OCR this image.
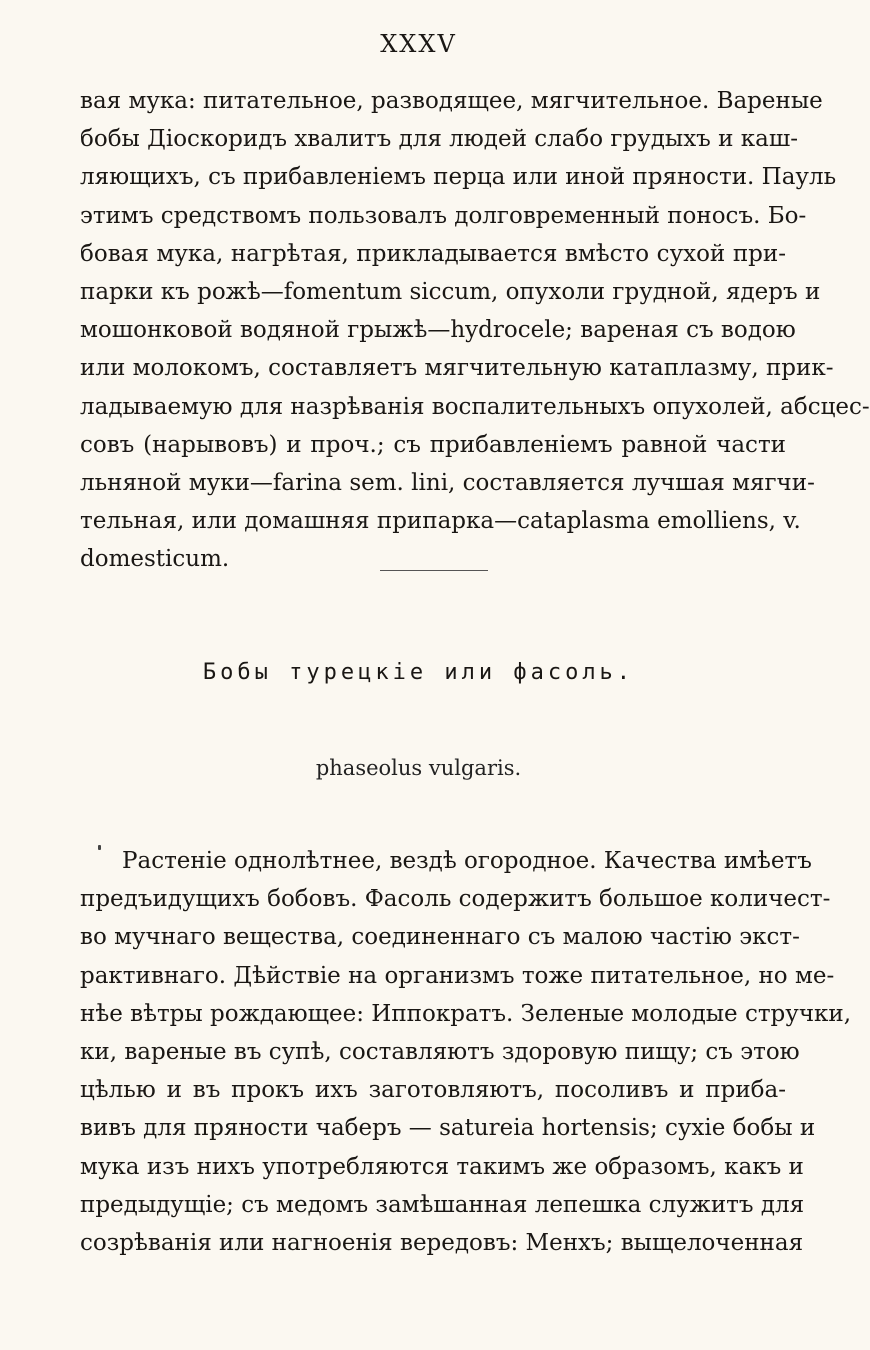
XXXV
вая мука: питательное, разводящее, мягчительное. Вареные
бобы Діоскоридъ хвалитъ для людей слабо грудыхъ и каш-
ляющихъ, съ прибавленіемъ перца или иной пряности. Пауль
этимъ средствомъ пользовалъ долговременный поносъ. Бо-
бовая мука, нагрѣтая, прикладывается вмѣсто сухой при-
парки къ рожѣ—fomentum siccum, опухоли грудной, ядеръ и
мошонковой водяной грыжѣ—hydrocele; вареная съ водою
или молокомъ, составляетъ мягчительную катаплазму, прик-
ладываемую для назрѣванія воспалительныхъ опухолей, абсцес-
совъ (нарывовъ) и проч.; съ прибавленіемъ равной части
льняной муки—farina sem. lini, составляется лучшая мягчи-
тельная, или домашняя припарка—cataplasma emolliens, v.
domesticum.
Бобы турецкіе или фасоль.
phaseolus vulgaris.
Растеніе однолѣтнее, вездѣ огородное. Качества имѣетъ
предъидущихъ бобовъ. Фасоль содержитъ большое количест-
во мучнаго вещества, соединеннаго съ малою частію экст-
рактивнаго. Дѣйствіе на организмъ тоже питательное, но ме-
нѣе вѣтры рождающее: Иппократъ. Зеленые молодые стручки,
ки, вареные въ супѣ, составляютъ здоровую пищу; съ этою
цѣлью и въ прокъ ихъ заготовляютъ, посоливъ и приба-
вивъ для пряности чаберъ — satureia hortensis; сухіе бобы и
мука изъ нихъ употребляются такимъ же образомъ, какъ и
предыдущіе; съ медомъ замѣшанная лепешка служитъ для
созрѣванія или нагноенія вередовъ: Менхъ; выщелоченная
